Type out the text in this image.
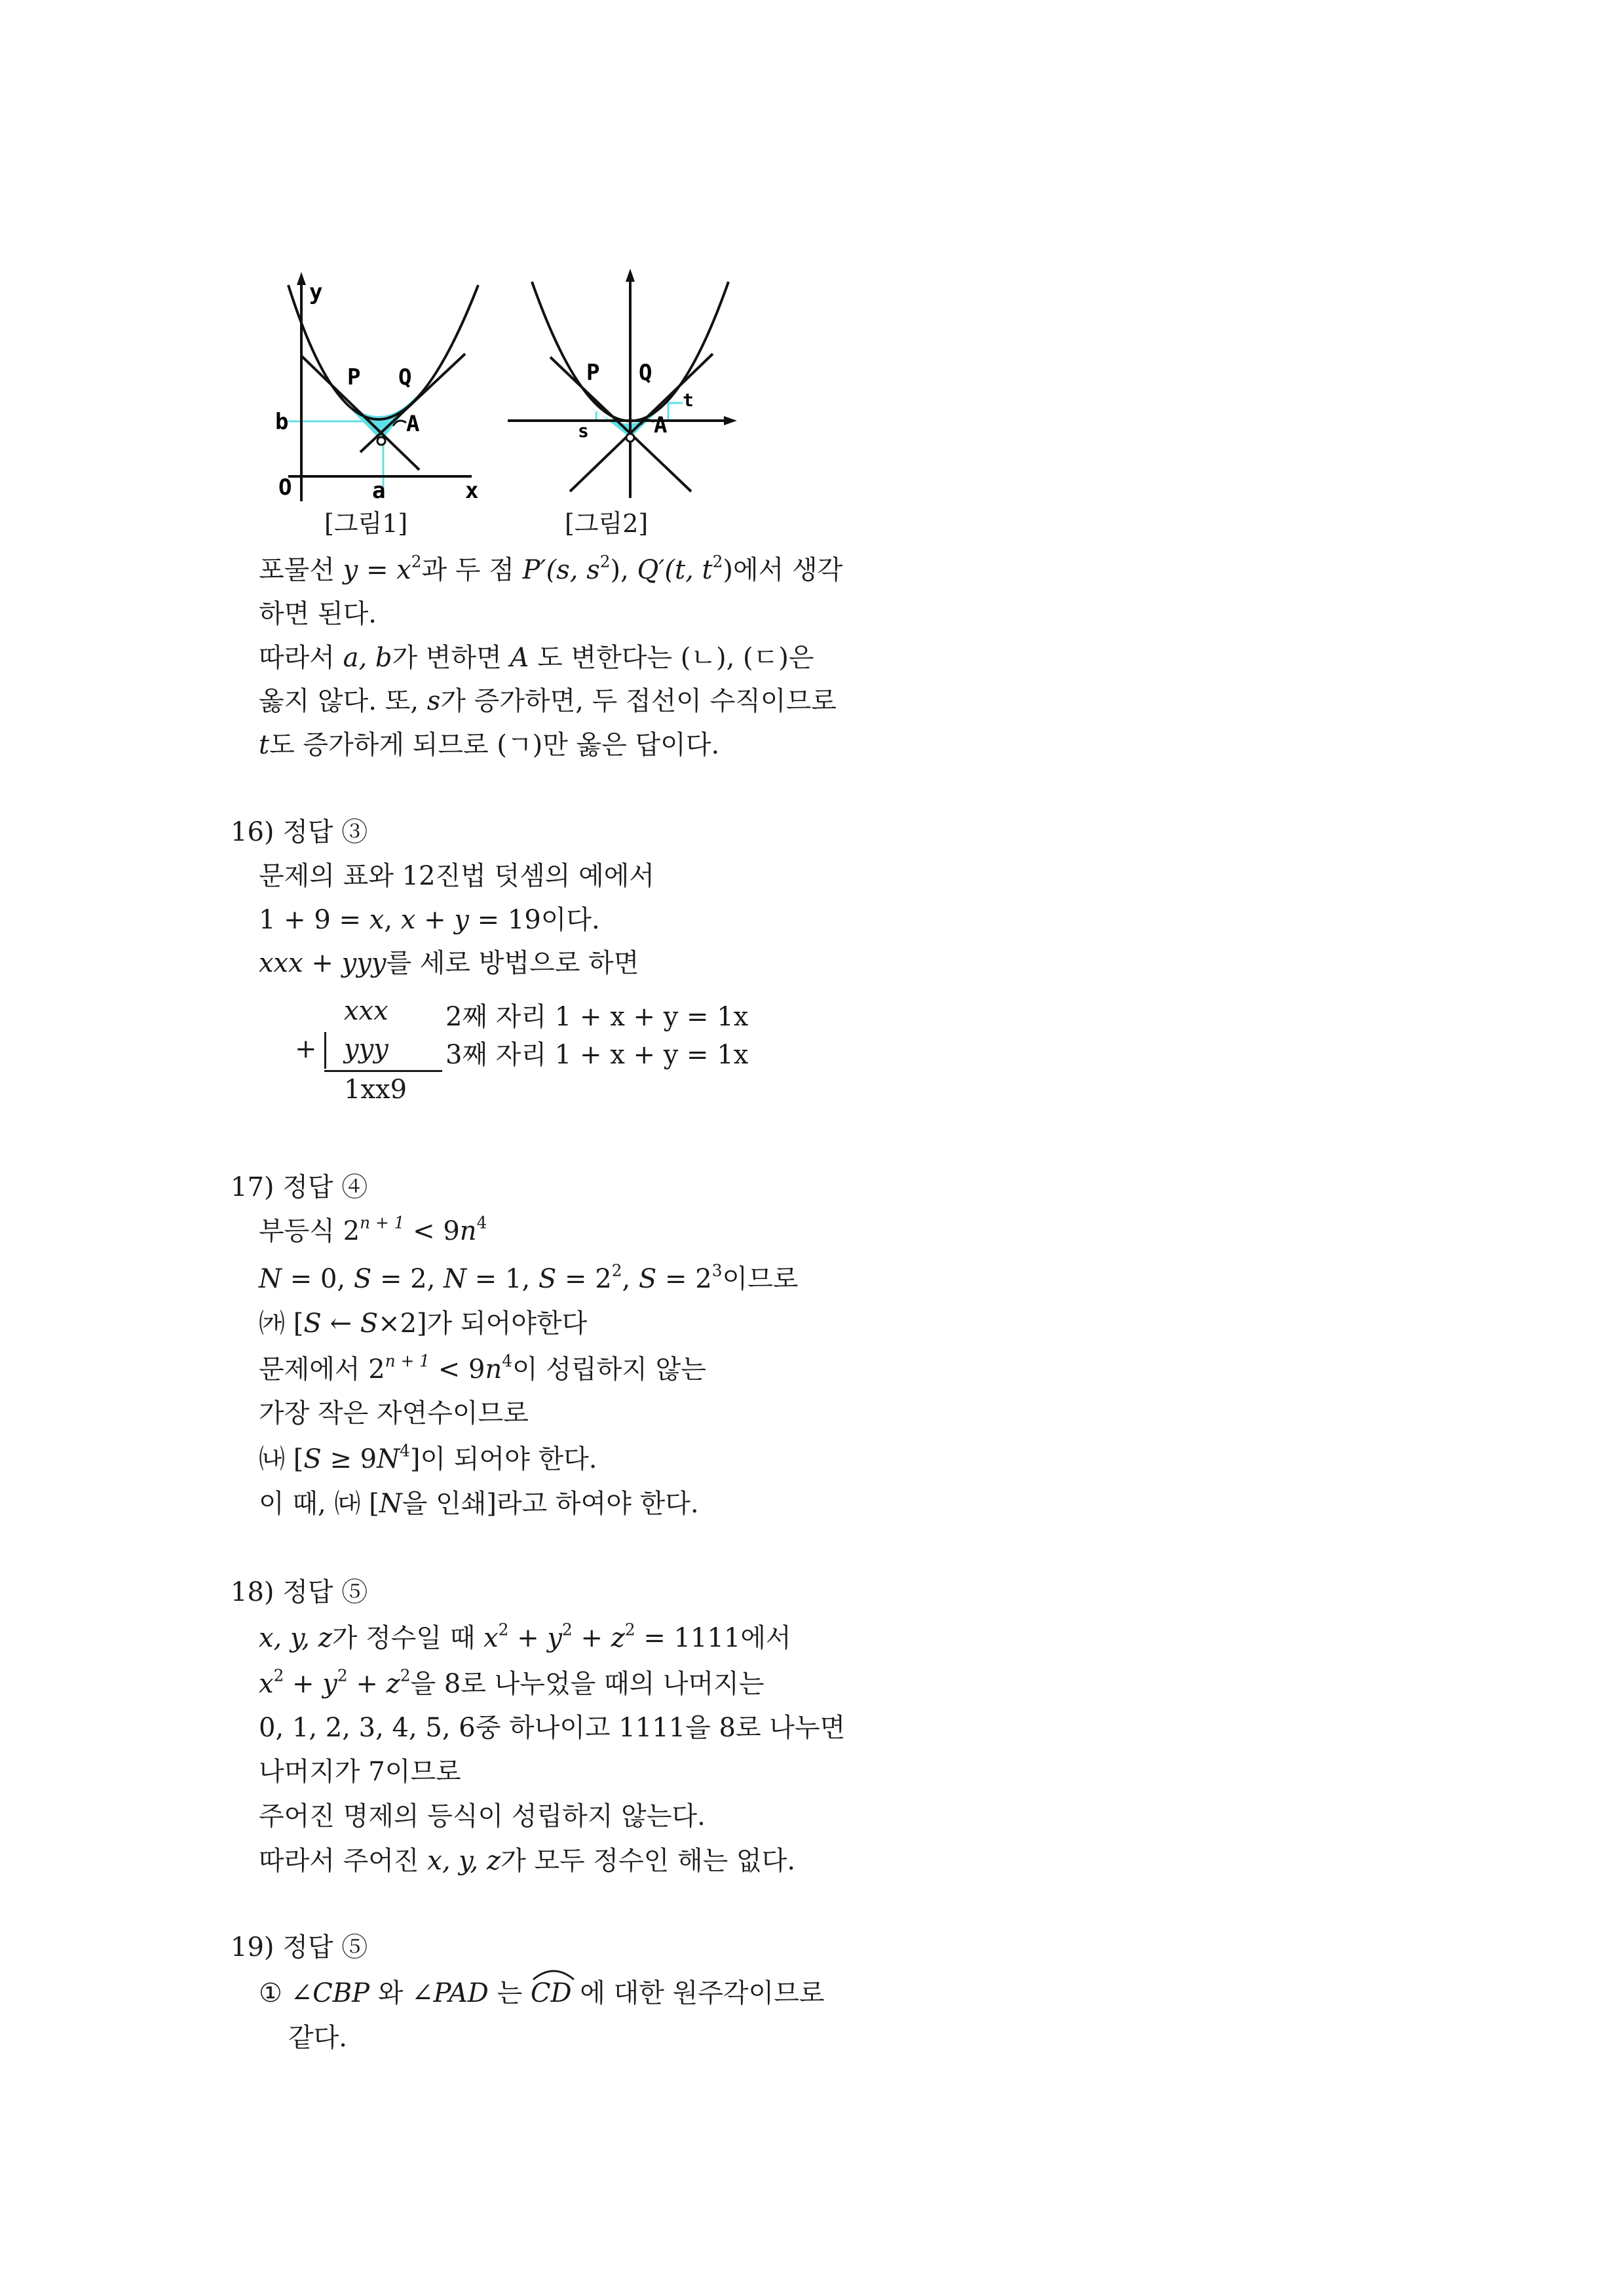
y
P Q
b	A
O	a	x
[그림1]
P Q
t
s	A
[그림2]
포물선 $y = x^2$과 두 점 P′(s, $s^2$), Q′(t, $t^2$)에서 생각
하면 된다.
따라서 a, b가 변하면 A 도 변한다는 (ㄴ), (ㄷ)은
옳지 않다. 또, s가 증가하면, 두 접선이 수직이므로
t도 증가하게 되므로 (ㄱ)만 옳은 답이다.
16) 정답 ③
문제의 표와 12진법 덧셈의 예에서
1 + 9 = x, x + y = 19이다.
xxx + yyy를 세로 방법으로 하면
xxx
+ yyy
1xx9
2째 자리 1 + x + y = 1x
3째 자리 1 + x + y = 1x
17) 정답 ④
부등식 $2^{n + 1} < 9n^4$
N = 0, S = 2, N = 1, $S = 2^2$, $S = 2^3$이므로
㈎ [S ← S×2]가 되어야한다
문제에서 $2^{n + 1} < 9n^4$이 성립하지 않는
가장 작은 자연수이므로
㈏ $[S \ge 9N^4]$이 되어야 한다.
이 때, ㈐ [N을 인쇄]라고 하여야 한다.
18) 정답 ⑤
x, y, z가 정수일 때 $x^2 + y^2 + z^2 = 1111$에서
$x^2 + y^2 + z^2$을 8로 나누었을 때의 나머지는
0, 1, 2, 3, 4, 5, 6중 하나이고 1111을 8로 나누면
나머지가 7이므로
주어진 명제의 등식이 성립하지 않는다.
따라서 주어진 x, y, z가 모두 정수인 해는 없다.
19) 정답 ⑤
① ∠CBP 와 ∠PAD 는
CD 에 대한 원주각이므로
같다.
